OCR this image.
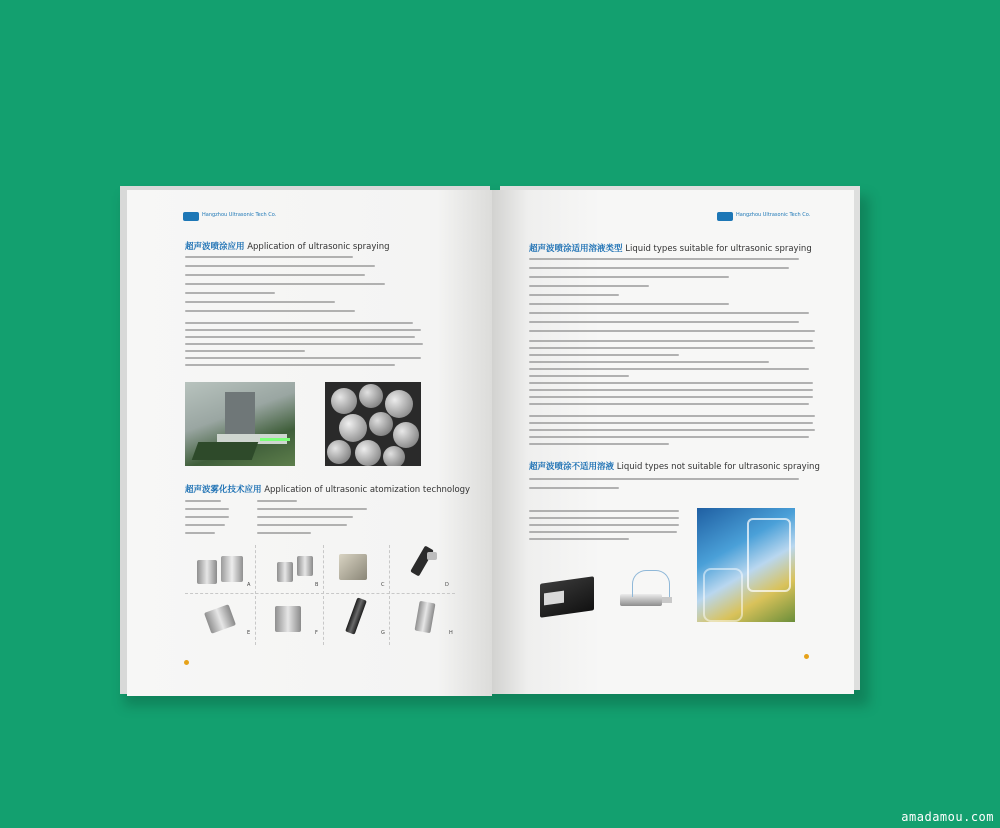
Hangzhou Ultrasonic Tech Co.
超声波喷涂应用 Application of ultrasonic spraying
超声波雾化技术应用 Application of ultrasonic atomization technology
A	B	C	D
E	F	G	H
Hangzhou Ultrasonic Tech Co.
超声波喷涂适用溶液类型 Liquid types suitable for ultrasonic spraying
超声波喷涂不适用溶液 Liquid types not suitable for ultrasonic spraying
amadamou.com
